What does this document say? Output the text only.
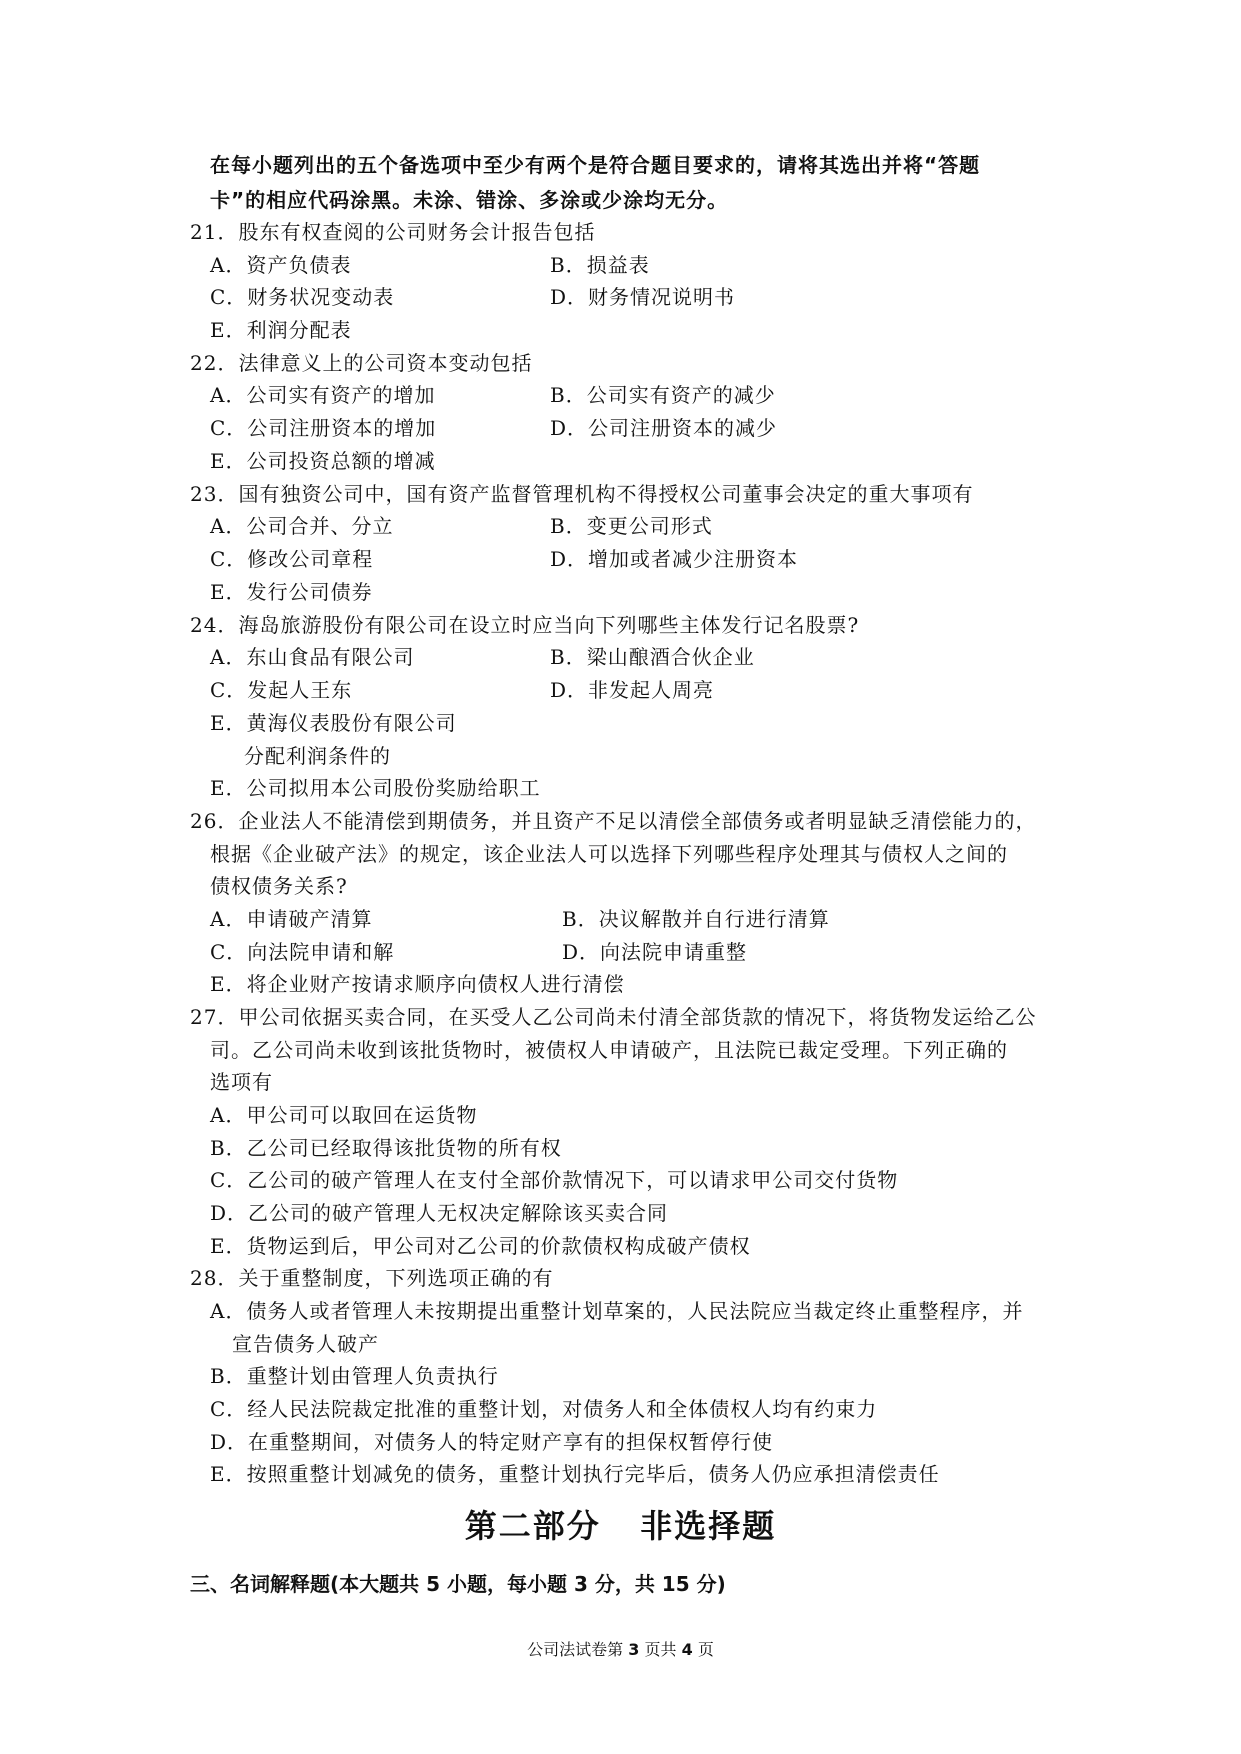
在每小题列出的五个备选项中至少有两个是符合题目要求的，请将其选出并将“答题
卡”的相应代码涂黑。未涂、错涂、多涂或少涂均无分。
21．股东有权查阅的公司财务会计报告包括
A．资产负债表	B．损益表
C．财务状况变动表	D．财务情况说明书
E．利润分配表
22．法律意义上的公司资本变动包括
A．公司实有资产的增加	B．公司实有资产的减少
C．公司注册资本的增加	D．公司注册资本的减少
E．公司投资总额的增减
23．国有独资公司中，国有资产监督管理机构不得授权公司董事会决定的重大事项有
A．公司合并、分立	B．变更公司形式
C．修改公司章程	D．增加或者减少注册资本
E．发行公司债券
24．海岛旅游股份有限公司在设立时应当向下列哪些主体发行记名股票?
A．东山食品有限公司	B．梁山酿酒合伙企业
C．发起人王东	D．非发起人周亮
E．黄海仪表股份有限公司
分配利润条件的
E．公司拟用本公司股份奖励给职工
26．企业法人不能清偿到期债务，并且资产不足以清偿全部债务或者明显缺乏清偿能力的，
根据《企业破产法》的规定，该企业法人可以选择下列哪些程序处理其与债权人之间的
债权债务关系?
A．申请破产清算	B．决议解散并自行进行清算
C．向法院申请和解	D．向法院申请重整
E．将企业财产按请求顺序向债权人进行清偿
27．甲公司依据买卖合同，在买受人乙公司尚未付清全部货款的情况下，将货物发运给乙公
司。乙公司尚未收到该批货物时，被债权人申请破产，且法院已裁定受理。下列正确的
选项有
A．甲公司可以取回在运货物
B．乙公司已经取得该批货物的所有权
C．乙公司的破产管理人在支付全部价款情况下，可以请求甲公司交付货物
D．乙公司的破产管理人无权决定解除该买卖合同
E．货物运到后，甲公司对乙公司的价款债权构成破产债权
28．关于重整制度，下列选项正确的有
A．债务人或者管理人未按期提出重整计划草案的，人民法院应当裁定终止重整程序，并
宣告债务人破产
B．重整计划由管理人负责执行
C．经人民法院裁定批准的重整计划，对债务人和全体债权人均有约束力
D．在重整期间，对债务人的特定财产享有的担保权暂停行使
E．按照重整计划减免的债务，重整计划执行完毕后，债务人仍应承担清偿责任
第二部分   非选择题
三、名词解释题(本大题共 5 小题，每小题 3 分，共 15 分)
公司法试卷第 3 页共 4 页
